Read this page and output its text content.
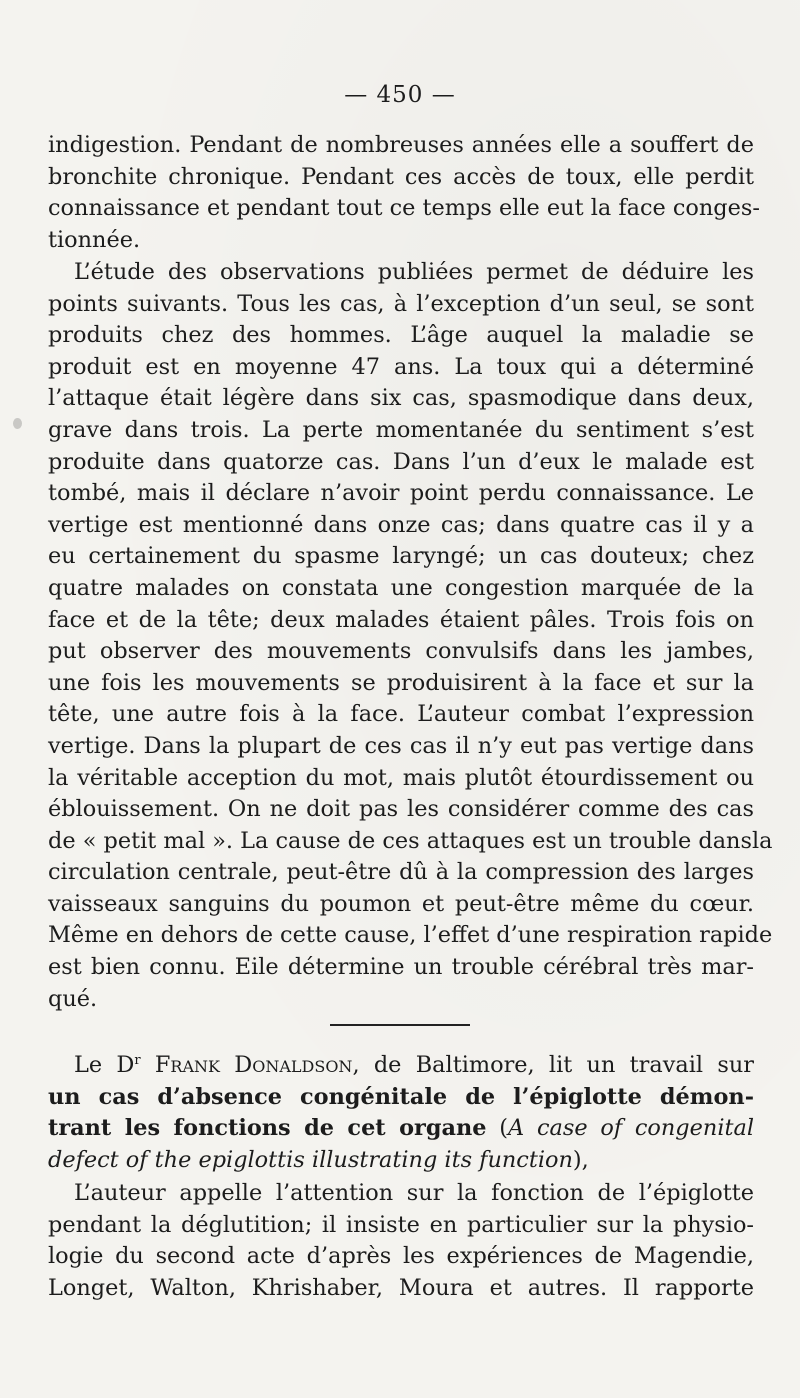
— 450 —
indigestion. Pendant de nombreuses années elle a souffert de
bronchite chronique. Pendant ces accès de toux, elle perdit
connaissance et pendant tout ce temps elle eut la face conges-
tionnée.
L’étude des observations publiées permet de déduire les
points suivants. Tous les cas, à l’exception d’un seul, se sont
produits chez des hommes. L’âge auquel la maladie se
produit est en moyenne 47 ans. La toux qui a déterminé
l’attaque était légère dans six cas, spasmodique dans deux,
grave dans trois. La perte momentanée du sentiment s’est
produite dans quatorze cas. Dans l’un d’eux le malade est
tombé, mais il déclare n’avoir point perdu connaissance. Le
vertige est mentionné dans onze cas; dans quatre cas il y a
eu certainement du spasme laryngé; un cas douteux; chez
quatre malades on constata une congestion marquée de la
face et de la tête; deux malades étaient pâles. Trois fois on
put observer des mouvements convulsifs dans les jambes,
une fois les mouvements se produisirent à la face et sur la
tête, une autre fois à la face. L’auteur combat l’expression
vertige. Dans la plupart de ces cas il n’y eut pas vertige dans
la véritable acception du mot, mais plutôt étourdissement ou
éblouissement. On ne doit pas les considérer comme des cas
de « petit mal ». La cause de ces attaques est un trouble dansla
circulation centrale, peut-être dû à la compression des larges
vaisseaux sanguins du poumon et peut-être même du cœur.
Même en dehors de cette cause, l’effet d’une respiration rapide
est bien connu. Eile détermine un trouble cérébral très mar-
qué.
Le $D^r$ Frank Donaldson, de Baltimore, lit un travail sur
un cas d’absence congénitale de l’épiglotte démon-
trant les fonctions de cet organe (A case of congenital
defect of the epiglottis illustrating its function),
L’auteur appelle l’attention sur la fonction de l’épiglotte
pendant la déglutition; il insiste en particulier sur la physio-
logie du second acte d’après les expériences de Magendie,
Longet, Walton, Khrishaber, Moura et autres. Il rapporte
